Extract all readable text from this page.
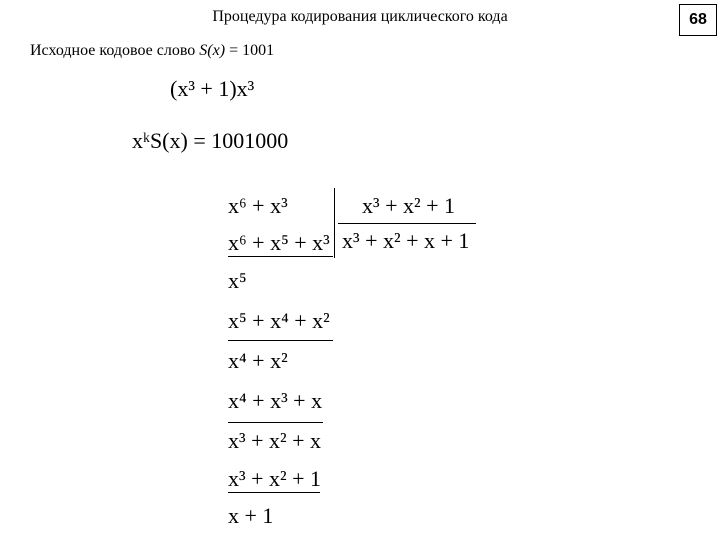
Процедура кодирования циклического кода	68
Исходное кодовое слово S(x) = 1001
(x³ + 1)x³
xᵏS(x) = 1001000
x⁶ + x³	x³ + x² + 1
x³ + x² + x + 1
x⁶ + x⁵ + x³
x⁵
x⁵ + x⁴ + x²
x⁴ + x²
x⁴ + x³ + x
x³ + x² + x
x³ + x² + 1
x + 1
